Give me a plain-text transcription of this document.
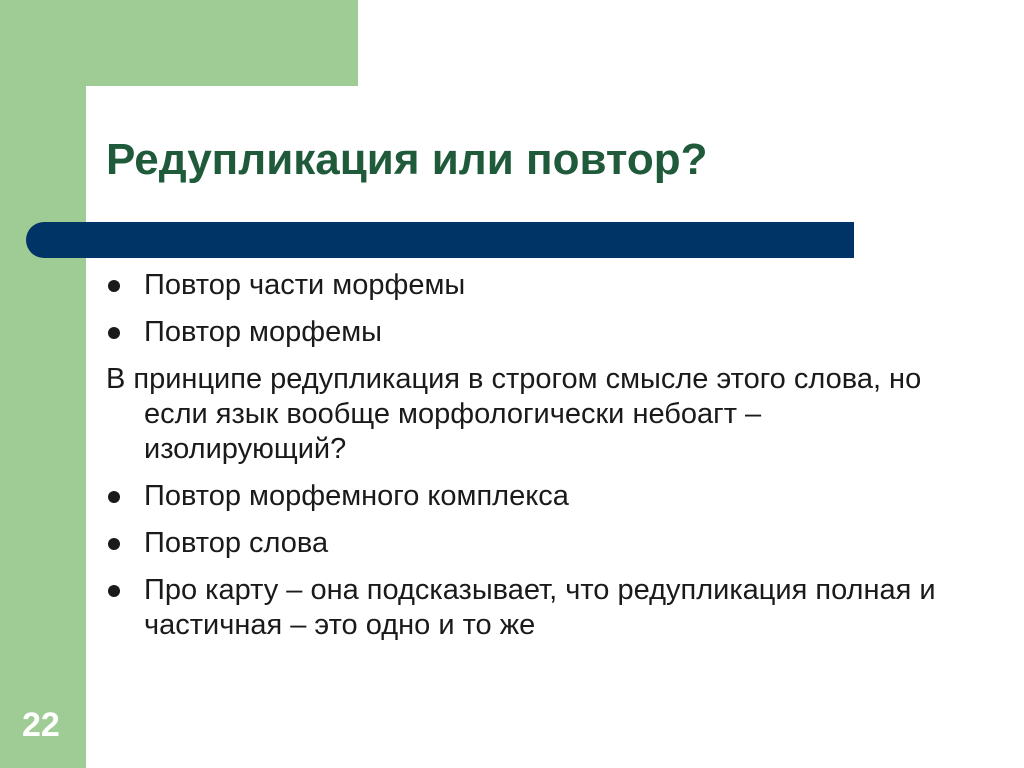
Редупликация или повтор?
Повтор части морфемы
Повтор морфемы
В принципе редупликация в строгом смысле этого слова, но если язык вообще морфологически небоагт – изолирующий?
Повтор морфемного комплекса
Повтор слова
Про карту – она подсказывает, что редупликация полная и частичная – это одно и то же
22
